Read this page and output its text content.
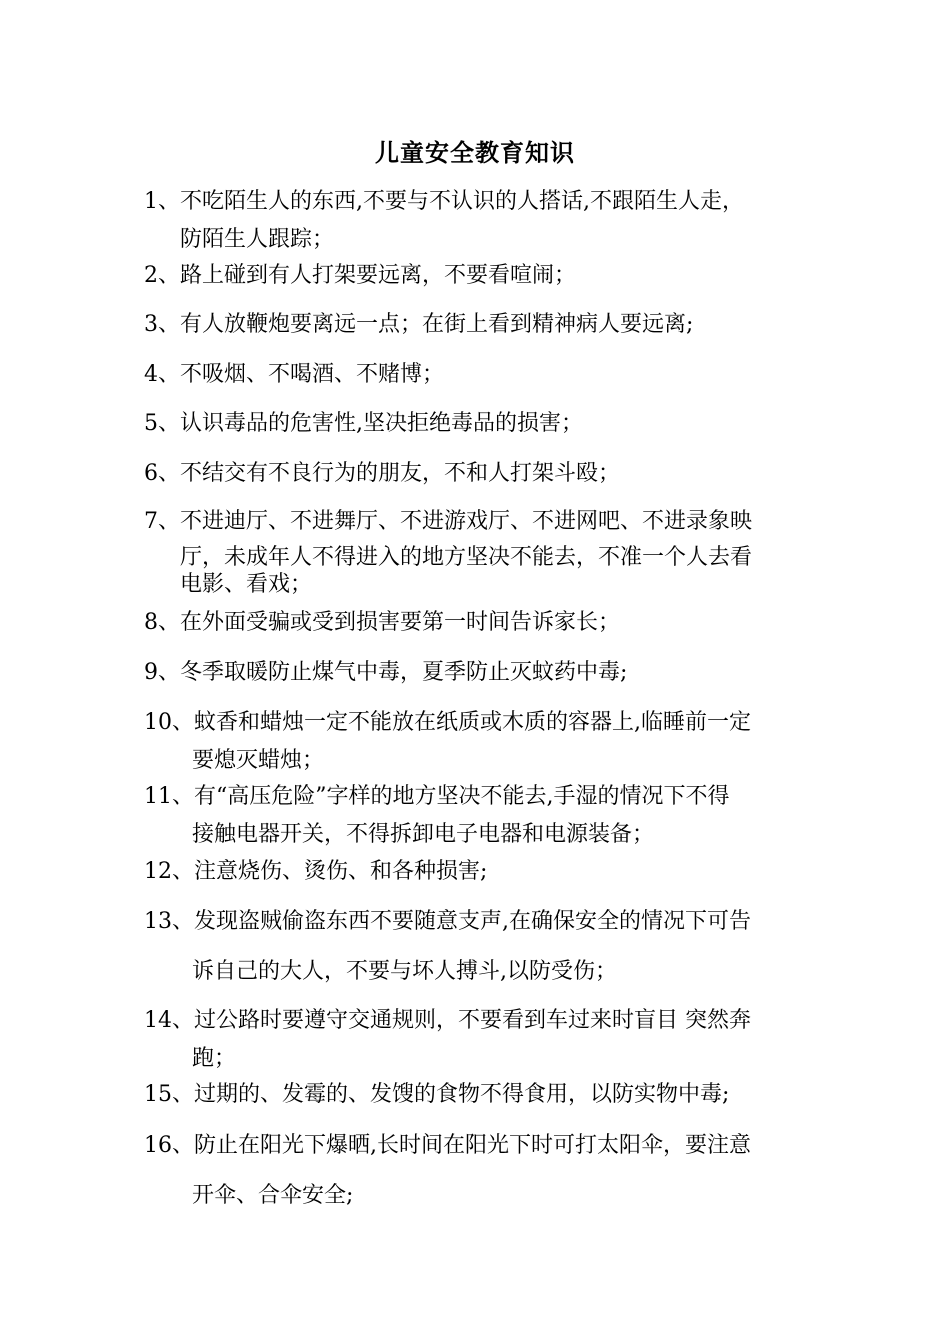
儿童安全教育知识
1、不吃陌生人的东西,不要与不认识的人搭话,不跟陌生人走，
防陌生人跟踪；
2、路上碰到有人打架要远离，不要看喧闹；
3、有人放鞭炮要离远一点；在街上看到精神病人要远离;
4、不吸烟、不喝酒、不赌博；
5、认识毒品的危害性,坚决拒绝毒品的损害；
6、不结交有不良行为的朋友，不和人打架斗殴；
7、不进迪厅、不进舞厅、不进游戏厅、不进网吧、不进录象映
厅，未成年人不得进入的地方坚决不能去，不准一个人去看
电影、看戏；
8、在外面受骗或受到损害要第一时间告诉家长；
9、冬季取暖防止煤气中毒，夏季防止灭蚊药中毒;
10、蚊香和蜡烛一定不能放在纸质或木质的容器上,临睡前一定
要熄灭蜡烛；
11、有“高压危险”字样的地方坚决不能去,手湿的情况下不得
接触电器开关，不得拆卸电子电器和电源装备；
12、注意烧伤、烫伤、和各种损害;
13、发现盗贼偷盗东西不要随意支声,在确保安全的情况下可告
诉自己的大人，不要与坏人搏斗,以防受伤；
14、过公路时要遵守交通规则，不要看到车过来时盲目 突然奔
跑；
15、过期的、发霉的、发馊的食物不得食用，以防实物中毒;
16、防止在阳光下爆晒,长时间在阳光下时可打太阳伞，要注意
开伞、合伞安全;
